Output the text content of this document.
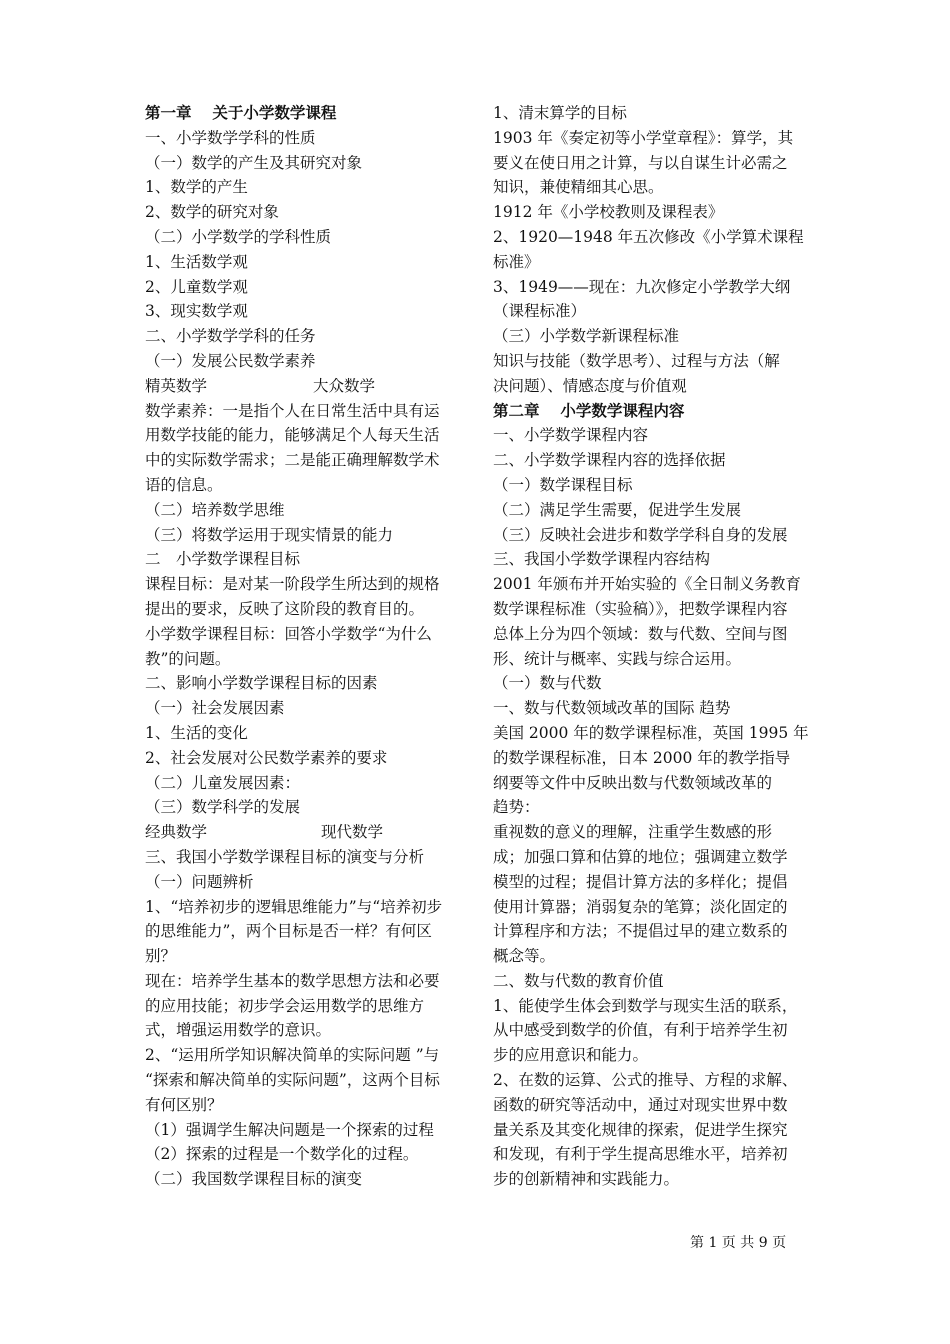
第一章　 关于小学数学课程
一、小学数学学科的性质
（一）数学的产生及其研究对象
1、数学的产生
2、数学的研究对象
（二）小学数学的学科性质
1、生活数学观
2、儿童数学观
3、现实数学观
二、小学数学学科的任务
（一）发展公民数学素养
精英数学	大众数学
数学素养：一是指个人在日常生活中具有运
用数学技能的能力，能够满足个人每天生活
中的实际数学需求；二是能正确理解数学术
语的信息。
（二）培养数学思维
（三）将数学运用于现实情景的能力
二　小学数学课程目标
课程目标：是对某一阶段学生所达到的规格
提出的要求，反映了这阶段的教育目的。
小学数学课程目标：回答小学数学“为什么
教”的问题。
二、影响小学数学课程目标的因素
（一）社会发展因素
1、生活的变化
2、社会发展对公民数学素养的要求
（二）儿童发展因素：
（三）数学科学的发展
经典数学	现代数学
三、我国小学数学课程目标的演变与分析
（一）问题辨析
1、“培养初步的逻辑思维能力”与“培养初步
的思维能力”，两个目标是否一样？有何区
别？
现在：培养学生基本的数学思想方法和必要
的应用技能；初步学会运用数学的思维方
式，增强运用数学的意识。
2、“运用所学知识解决简单的实际问题 ”与
“探索和解决简单的实际问题”，这两个目标
有何区别？
（1）强调学生解决问题是一个探索的过程
（2）探索的过程是一个数学化的过程。
（二）我国数学课程目标的演变
1、清末算学的目标
1903 年《奏定初等小学堂章程》：算学，其
要义在使日用之计算，与以自谋生计必需之
知识，兼使精细其心思。
1912 年《小学校教则及课程表》
2、1920—1948 年五次修改《小学算术课程
标准》
3、1949——现在：九次修定小学教学大纲
（课程标准）
（三）小学数学新课程标准
知识与技能（数学思考）、过程与方法（解
决问题）、情感态度与价值观
第二章　 小学数学课程内容
一、小学数学课程内容
二、小学数学课程内容的选择依据
（一）数学课程目标
（二）满足学生需要，促进学生发展
（三）反映社会进步和数学学科自身的发展
三、我国小学数学课程内容结构
2001 年颁布并开始实验的《全日制义务教育
数学课程标准（实验稿）》，把数学课程内容
总体上分为四个领域：数与代数、空间与图
形、统计与概率、实践与综合运用。
（一）数与代数
一、数与代数领域改革的国际 趋势
美国 2000 年的数学课程标准，英国 1995 年
的数学课程标准，日本 2000 年的教学指导
纲要等文件中反映出数与代数领域改革的
趋势：
重视数的意义的理解，注重学生数感的形
成；加强口算和估算的地位；强调建立数学
模型的过程；提倡计算方法的多样化；提倡
使用计算器；消弱复杂的笔算；淡化固定的
计算程序和方法；不提倡过早的建立数系的
概念等。
二、数与代数的教育价值
1、能使学生体会到数学与现实生活的联系，
从中感受到数学的价值，有利于培养学生初
步的应用意识和能力。
2、在数的运算、公式的推导、方程的求解、
函数的研究等活动中，通过对现实世界中数
量关系及其变化规律的探索，促进学生探究
和发现，有利于学生提高思维水平，培养初
步的创新精神和实践能力。
第 1 页 共 9 页
